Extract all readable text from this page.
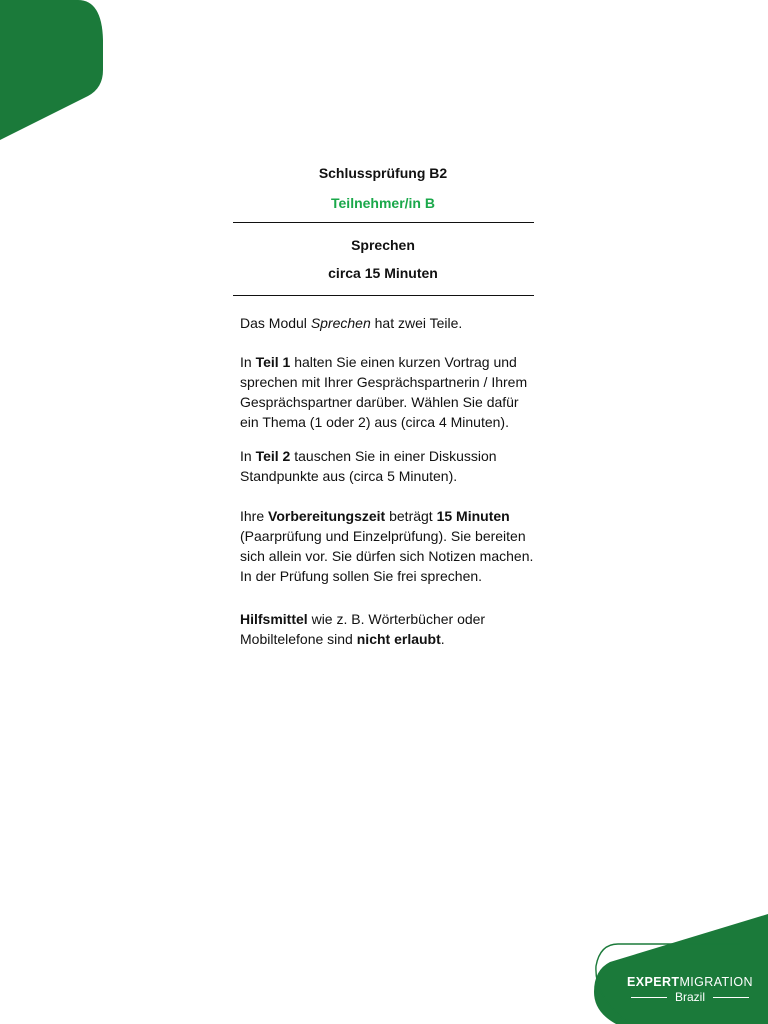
Schlussprüfung B2
Teilnehmer/in B
Sprechen
circa 15 Minuten

Das Modul Sprechen hat zwei Teile.

In Teil 1 halten Sie einen kurzen Vortrag und sprechen mit Ihrer Gesprächspartnerin / Ihrem Gesprächspartner darüber. Wählen Sie dafür ein Thema (1 oder 2) aus (circa 4 Minuten).

In Teil 2 tauschen Sie in einer Diskussion Standpunkte aus (circa 5 Minuten).

Ihre Vorbereitungszeit beträgt 15 Minuten (Paarprüfung und Einzelprüfung). Sie bereiten sich allein vor. Sie dürfen sich Notizen machen. In der Prüfung sollen Sie frei sprechen.

Hilfsmittel wie z. B. Wörterbücher oder Mobiltelefone sind nicht erlaubt.

EXPERTMIGRATION
Brazil
